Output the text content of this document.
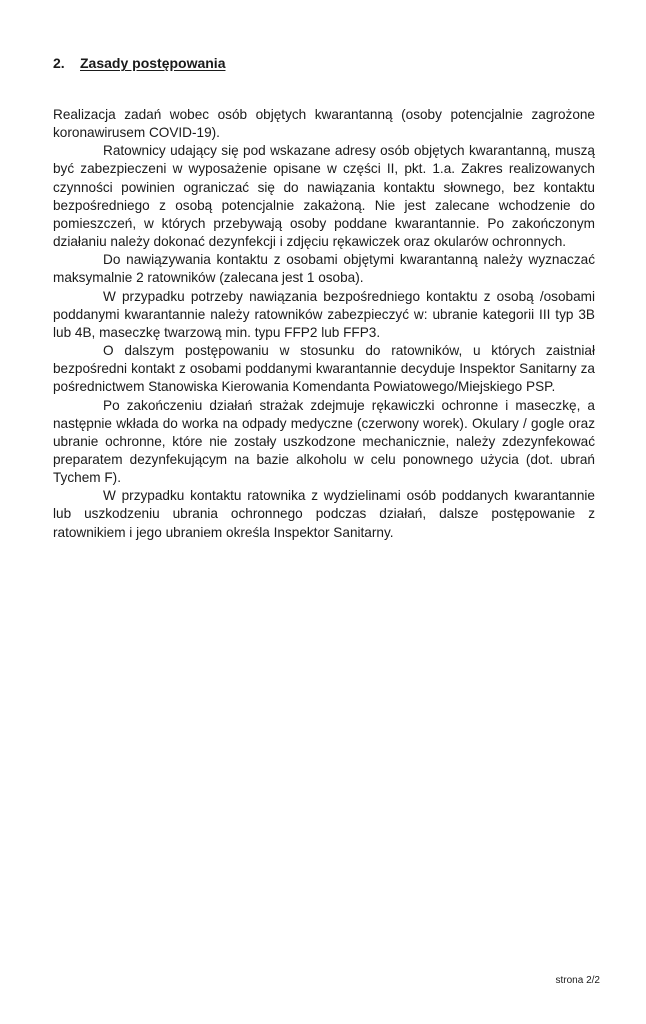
2. Zasady postępowania

Realizacja zadań wobec osób objętych kwarantanną (osoby potencjalnie zagrożone koronawirusem COVID-19).

Ratownicy udający się pod wskazane adresy osób objętych kwarantanną, muszą być zabezpieczeni w wyposażenie opisane w części II, pkt. 1.a. Zakres realizowanych czynności powinien ograniczać się do nawiązania kontaktu słownego, bez kontaktu bezpośredniego z osobą potencjalnie zakażoną. Nie jest zalecane wchodzenie do pomieszczeń, w których przebywają osoby poddane kwarantannie. Po zakończonym działaniu należy dokonać dezynfekcji i zdjęciu rękawiczek oraz okularów ochronnych.

Do nawiązywania kontaktu z osobami objętymi kwarantanną należy wyznaczać maksymalnie 2 ratowników (zalecana jest 1 osoba).

W przypadku potrzeby nawiązania bezpośredniego kontaktu z osobą /osobami poddanymi kwarantannie należy ratowników zabezpieczyć w: ubranie kategorii III typ 3B lub 4B, maseczkę twarzową min. typu FFP2 lub FFP3.

O dalszym postępowaniu w stosunku do ratowników, u których zaistniał bezpośredni kontakt z osobami poddanymi kwarantannie decyduje Inspektor Sanitarny za pośrednictwem Stanowiska Kierowania Komendanta Powiatowego/Miejskiego PSP.

Po zakończeniu działań strażak zdejmuje rękawiczki ochronne i maseczkę, a następnie wkłada do worka na odpady medyczne (czerwony worek). Okulary / gogle oraz ubranie ochronne, które nie zostały uszkodzone mechanicznie, należy zdezynfekować preparatem dezynfekującym na bazie alkoholu w celu ponownego użycia (dot. ubrań Tychem F).

W przypadku kontaktu ratownika z wydzielinami osób poddanych kwarantannie lub uszkodzeniu ubrania ochronnego podczas działań, dalsze postępowanie z ratownikiem i jego ubraniem określa Inspektor Sanitarny.

strona 2/2
